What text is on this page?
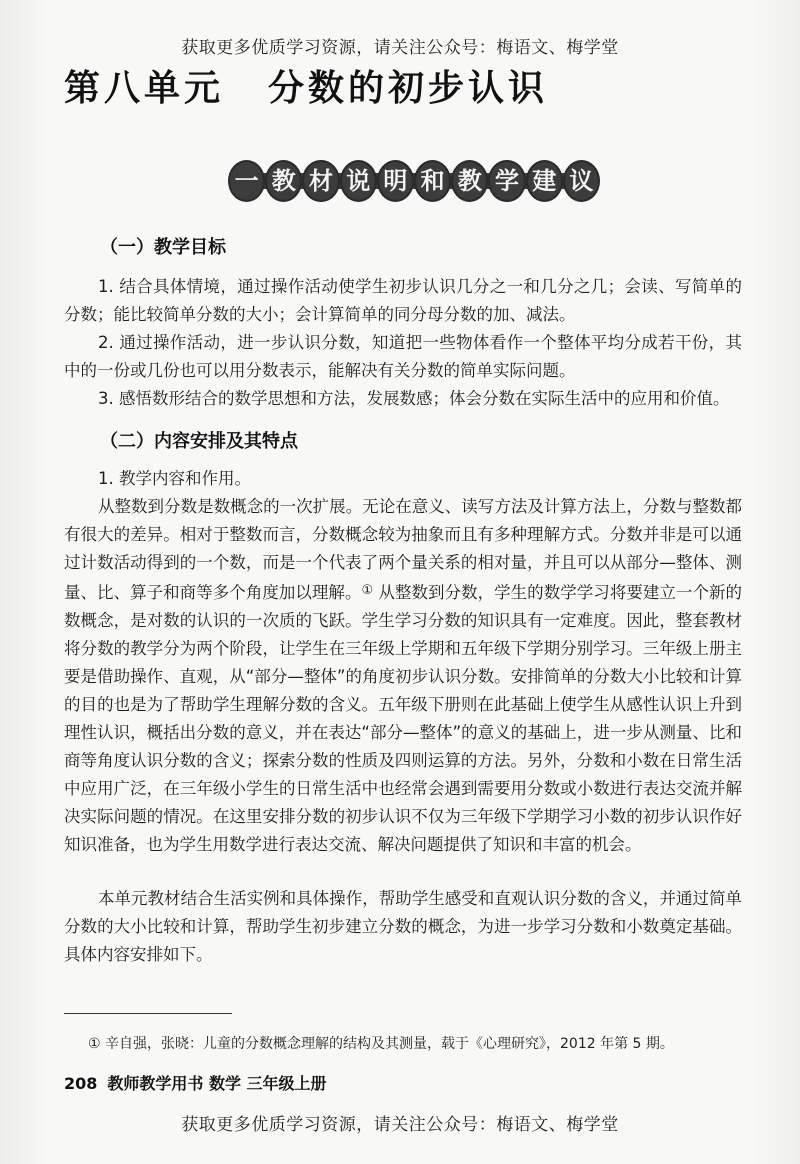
获取更多优质学习资源，请关注公众号：梅语文、梅学堂
第八单元 分数的初步认识
一 教 材 说 明 和 教 学 建 议
（一）教学目标
1. 结合具体情境，通过操作活动使学生初步认识几分之一和几分之几；会读、写简单的分数；能比较简单分数的大小；会计算简单的同分母分数的加、减法。
2. 通过操作活动，进一步认识分数，知道把一些物体看作一个整体平均分成若干份，其中的一份或几份也可以用分数表示，能解决有关分数的简单实际问题。
3. 感悟数形结合的数学思想和方法，发展数感；体会分数在实际生活中的应用和价值。
（二）内容安排及其特点
1. 教学内容和作用。
从整数到分数是数概念的一次扩展。无论在意义、读写方法及计算方法上，分数与整数都有很大的差异。相对于整数而言，分数概念较为抽象而且有多种理解方式。分数并非是可以通过计数活动得到的一个数，而是一个代表了两个量关系的相对量，并且可以从部分—整体、测量、比、算子和商等多个角度加以理解。① 从整数到分数，学生的数学学习将要建立一个新的数概念，是对数的认识的一次质的飞跃。学生学习分数的知识具有一定难度。因此，整套教材将分数的教学分为两个阶段，让学生在三年级上学期和五年级下学期分别学习。三年级上册主要是借助操作、直观，从“部分—整体”的角度初步认识分数。安排简单的分数大小比较和计算的目的也是为了帮助学生理解分数的含义。五年级下册则在此基础上使学生从感性认识上升到理性认识，概括出分数的意义，并在表达“部分—整体”的意义的基础上，进一步从测量、比和商等角度认识分数的含义；探索分数的性质及四则运算的方法。另外，分数和小数在日常生活中应用广泛，在三年级小学生的日常生活中也经常会遇到需要用分数或小数进行表达交流并解决实际问题的情况。在这里安排分数的初步认识不仅为三年级下学期学习小数的初步认识作好知识准备，也为学生用数学进行表达交流、解决问题提供了知识和丰富的机会。
本单元教材结合生活实例和具体操作，帮助学生感受和直观认识分数的含义，并通过简单分数的大小比较和计算，帮助学生初步建立分数的概念，为进一步学习分数和小数奠定基础。具体内容安排如下。
① 辛自强，张晓：儿童的分数概念理解的结构及其测量，载于《心理研究》，2012 年第 5 期。
208 教师教学用书 数学 三年级上册
获取更多优质学习资源，请关注公众号：梅语文、梅学堂
